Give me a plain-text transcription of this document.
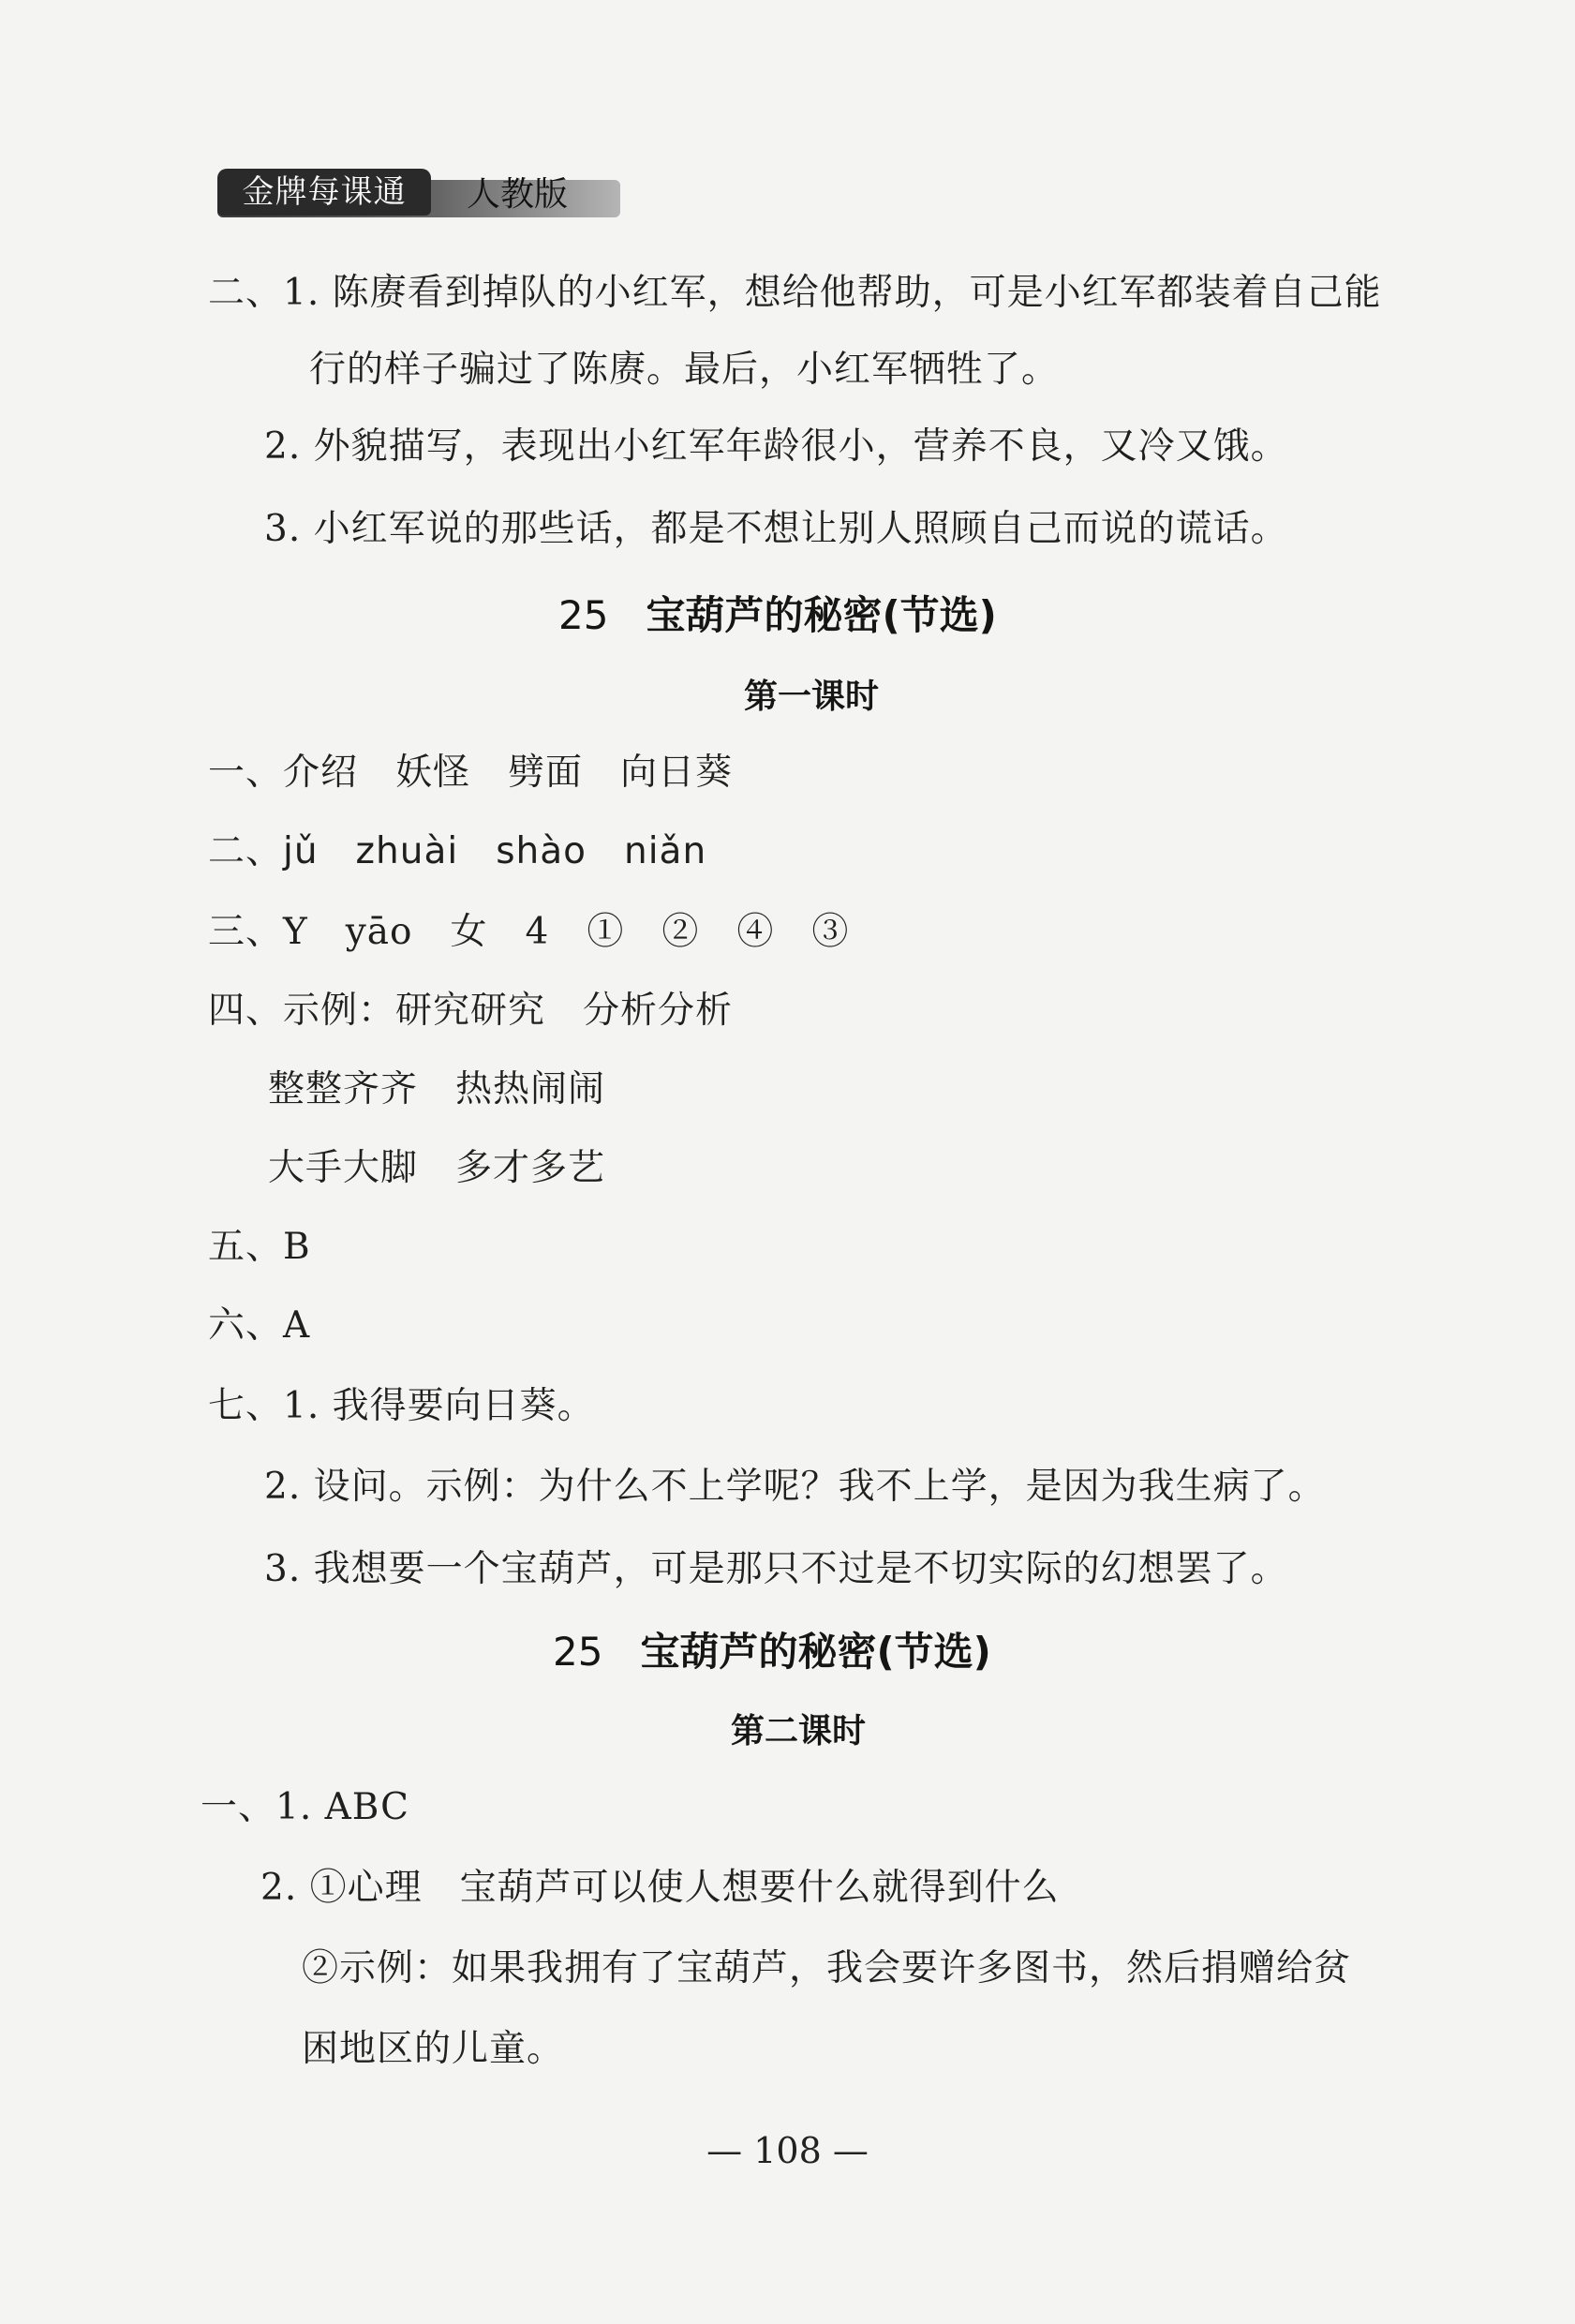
金牌每课通	人教版
二、1. 陈赓看到掉队的小红军，想给他帮助，可是小红军都装着自己能
行的样子骗过了陈赓。最后，小红军牺牲了。
2. 外貌描写，表现出小红军年龄很小，营养不良，又冷又饿。
3. 小红军说的那些话，都是不想让别人照顾自己而说的谎话。
25 宝葫芦的秘密(节选)
第一课时
一、介绍　妖怪　劈面　向日葵
二、jǔ　zhuài　shào　niǎn
三、Y　yāo　女　4　①　②　④　③
四、示例：研究研究　分析分析
整整齐齐　热热闹闹
大手大脚　多才多艺
五、B
六、A
七、1. 我得要向日葵。
2. 设问。示例：为什么不上学呢？我不上学，是因为我生病了。
3. 我想要一个宝葫芦，可是那只不过是不切实际的幻想罢了。
25 宝葫芦的秘密(节选)
第二课时
一、1. ABC
2. ①心理　宝葫芦可以使人想要什么就得到什么
②示例：如果我拥有了宝葫芦，我会要许多图书，然后捐赠给贫
困地区的儿童。
— 108 —
